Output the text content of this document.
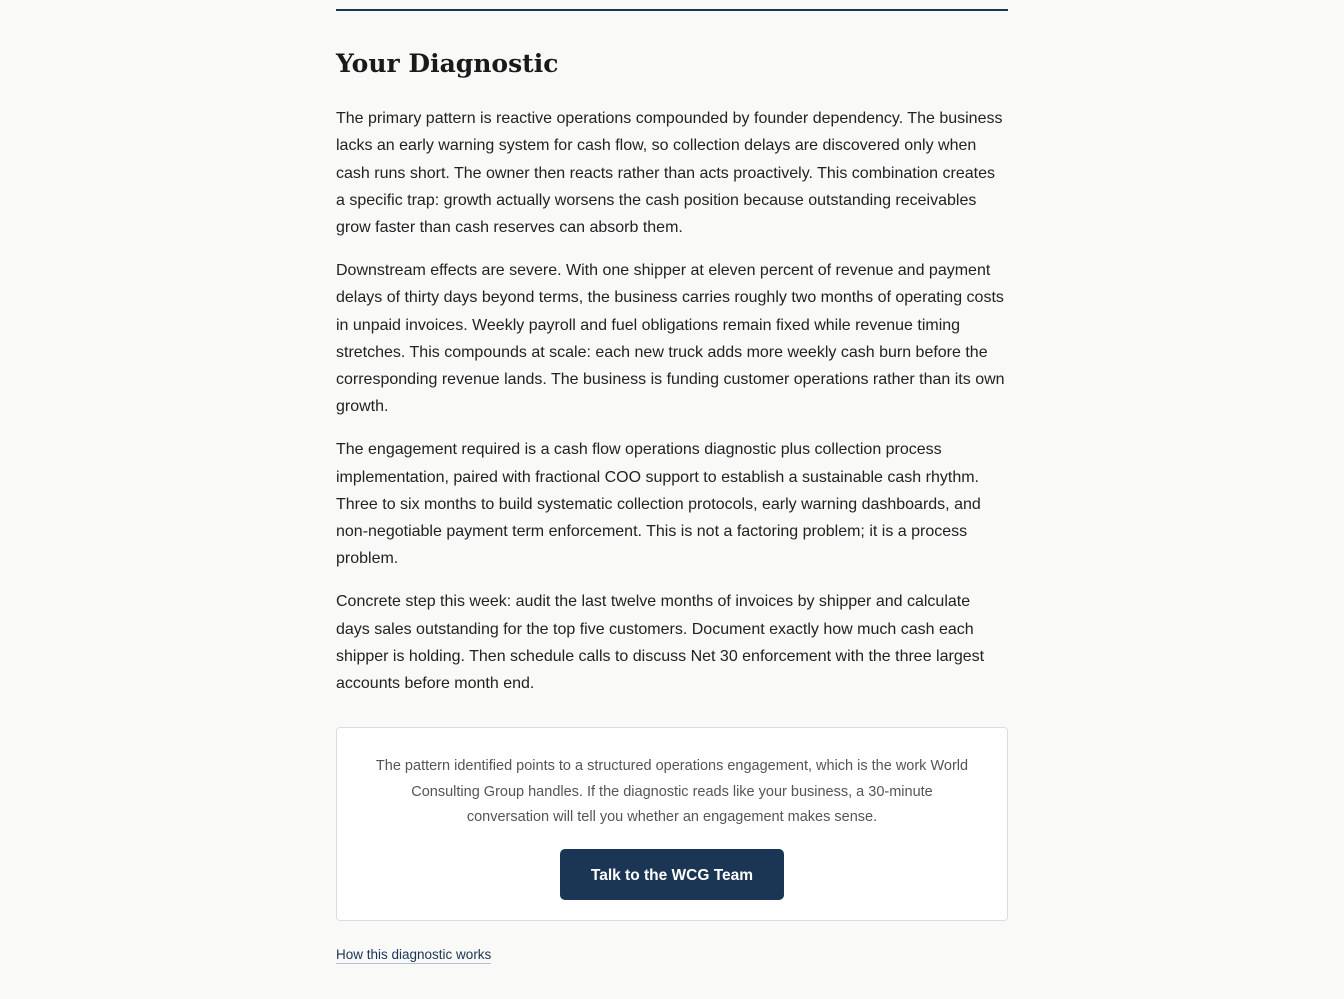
Your Diagnostic

The primary pattern is reactive operations compounded by founder dependency. The business lacks an early warning system for cash flow, so collection delays are discovered only when cash runs short. The owner then reacts rather than acts proactively. This combination creates a specific trap: growth actually worsens the cash position because outstanding receivables grow faster than cash reserves can absorb them.

Downstream effects are severe. With one shipper at eleven percent of revenue and payment delays of thirty days beyond terms, the business carries roughly two months of operating costs in unpaid invoices. Weekly payroll and fuel obligations remain fixed while revenue timing stretches. This compounds at scale: each new truck adds more weekly cash burn before the corresponding revenue lands. The business is funding customer operations rather than its own growth.

The engagement required is a cash flow operations diagnostic plus collection process implementation, paired with fractional COO support to establish a sustainable cash rhythm. Three to six months to build systematic collection protocols, early warning dashboards, and non-negotiable payment term enforcement. This is not a factoring problem; it is a process problem.

Concrete step this week: audit the last twelve months of invoices by shipper and calculate days sales outstanding for the top five customers. Document exactly how much cash each shipper is holding. Then schedule calls to discuss Net 30 enforcement with the three largest accounts before month end.

The pattern identified points to a structured operations engagement, which is the work World Consulting Group handles. If the diagnostic reads like your business, a 30-minute conversation will tell you whether an engagement makes sense.

Talk to the WCG Team
How this diagnostic works
